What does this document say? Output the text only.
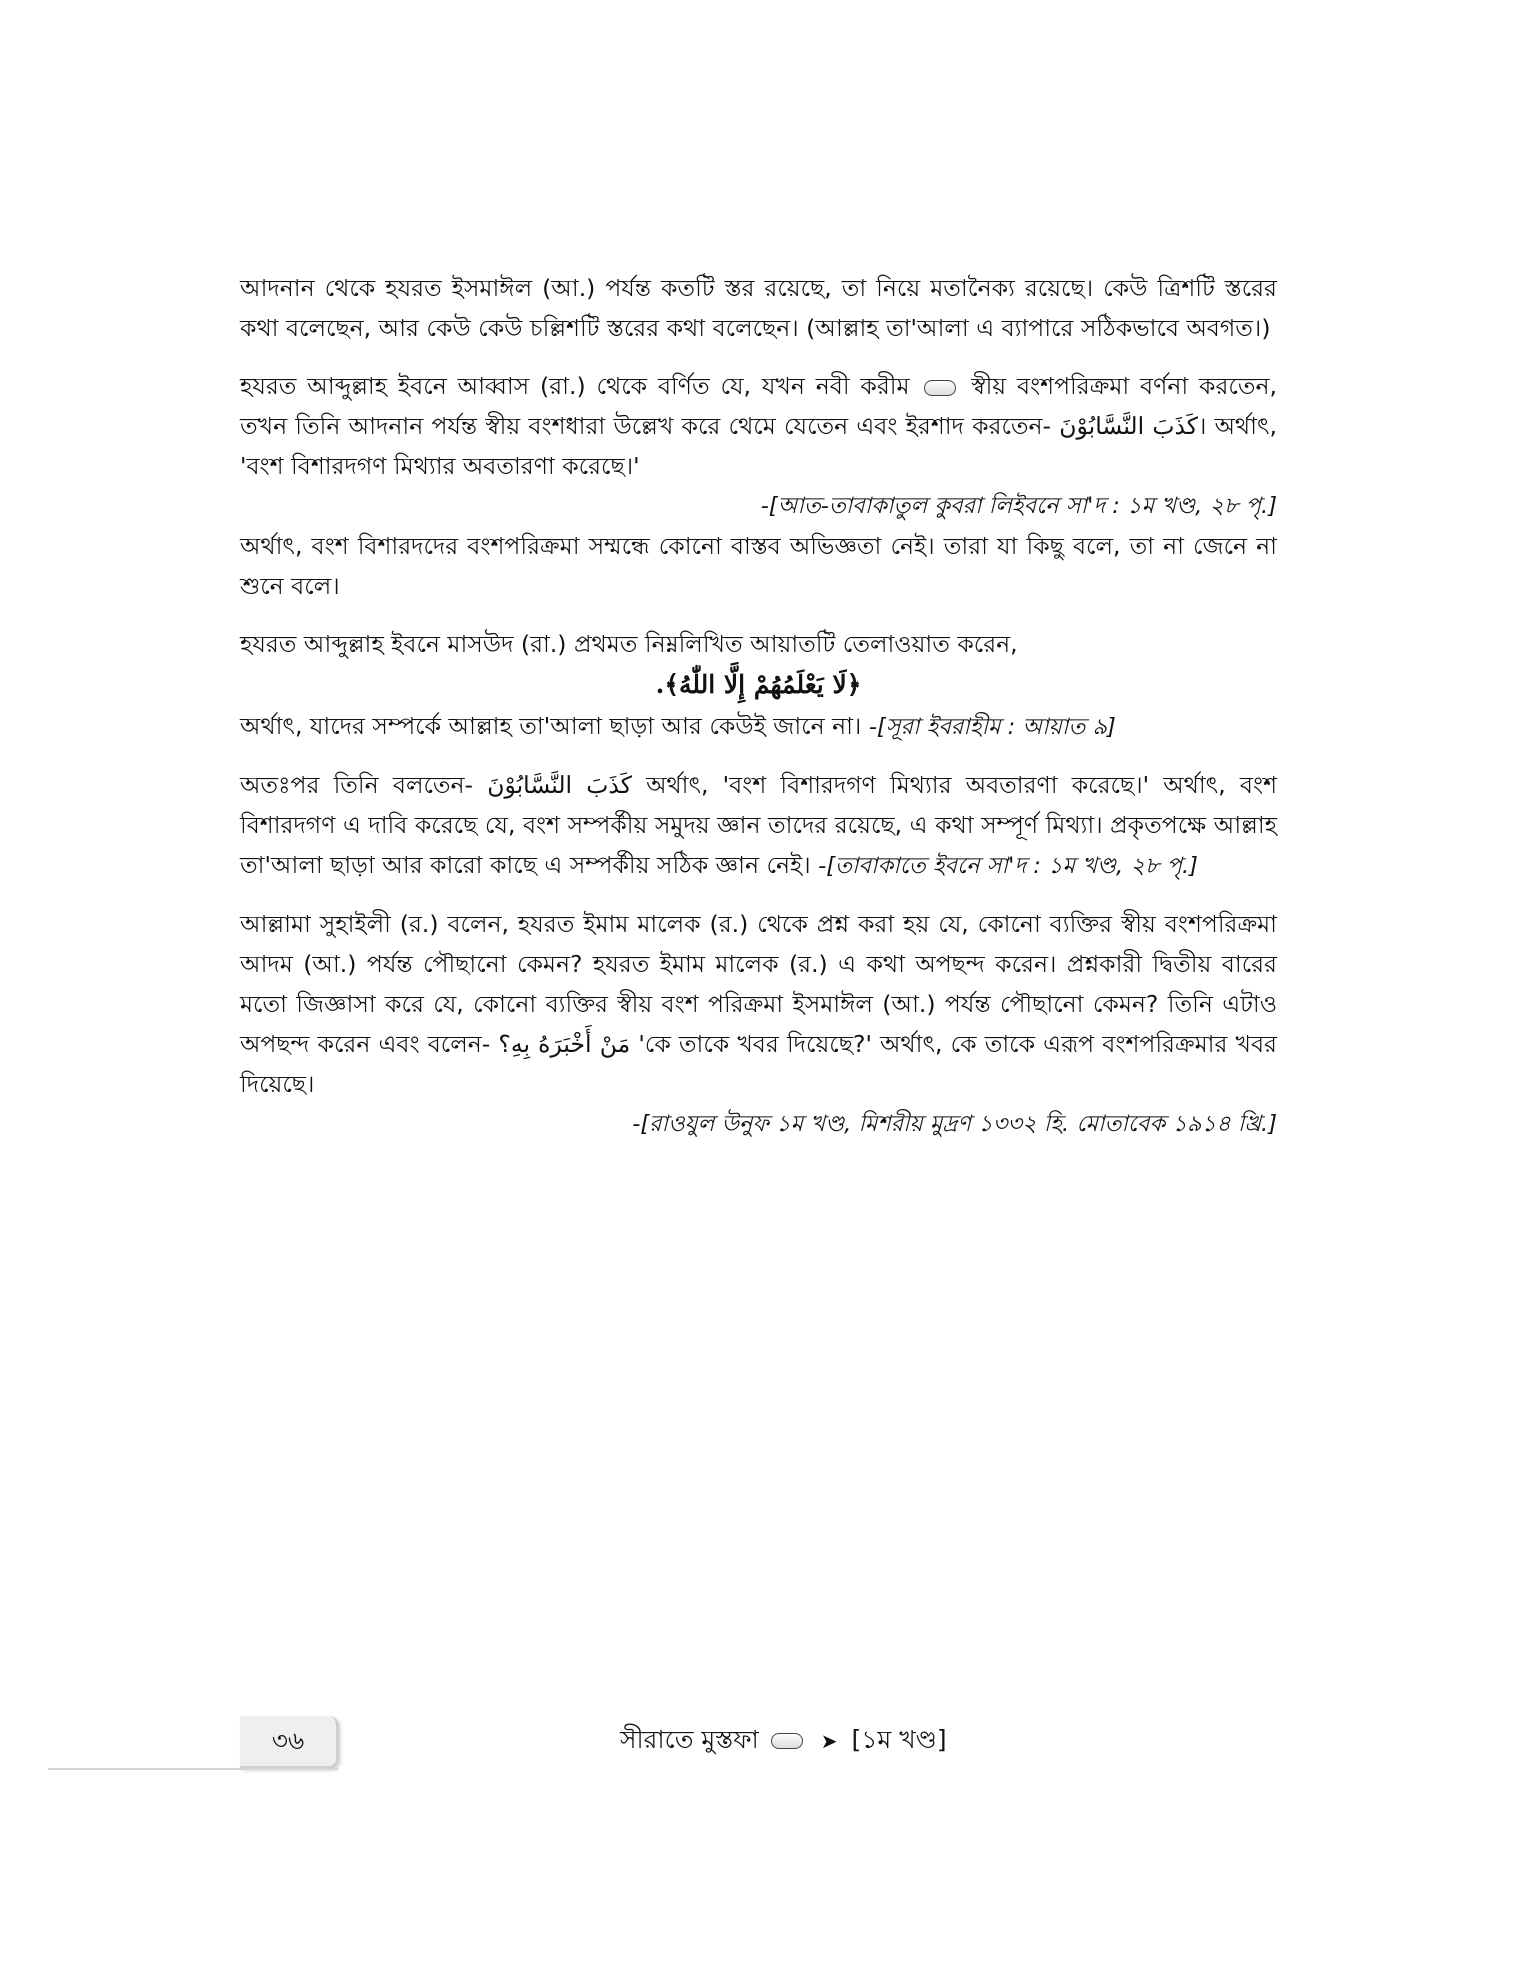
আদনান থেকে হযরত ইসমাঈল (আ.) পর্যন্ত কতটি স্তর রয়েছে, তা নিয়ে মতানৈক্য রয়েছে। কেউ ত্রিশটি স্তরের কথা বলেছেন, আর কেউ কেউ চল্লিশটি স্তরের কথা বলেছেন। (আল্লাহ তা'আলা এ ব্যাপারে সঠিকভাবে অবগত।)

হযরত আব্দুল্লাহ ইবনে আব্বাস (রা.) থেকে বর্ণিত যে, যখন নবী করীম	স্বীয় বংশপরিক্রমা বর্ণনা করতেন, তখন তিনি আদনান পর্যন্ত স্বীয় বংশধারা উল্লেখ করে থেমে যেতেন এবং ইরশাদ করতেন- كَذَبَ النَّسَّابُوْنَ। অর্থাৎ, 'বংশ বিশারদগণ মিথ্যার অবতারণা করেছে।'

-[আত-তাবাকাতুল কুবরা লিইবনে সা'দ : ১ম খণ্ড, ২৮ পৃ.]

অর্থাৎ, বংশ বিশারদদের বংশপরিক্রমা সম্মন্ধে কোনো বাস্তব অভিজ্ঞতা নেই। তারা যা কিছু বলে, তা না জেনে না শুনে বলে।

হযরত আব্দুল্লাহ ইবনে মাসউদ (রা.) প্রথমত নিম্নলিখিত আয়াতটি তেলাওয়াত করেন,

﴿لَا يَعْلَمُهُمْ إِلَّا اللّٰهُ﴾.

অর্থাৎ, যাদের সম্পর্কে আল্লাহ তা'আলা ছাড়া আর কেউই জানে না। -[সূরা ইবরাহীম : আয়াত ৯]

অতঃপর তিনি বলতেন- كَذَبَ النَّسَّابُوْنَ অর্থাৎ, 'বংশ বিশারদগণ মিথ্যার অবতারণা করেছে।' অর্থাৎ, বংশ বিশারদগণ এ দাবি করেছে যে, বংশ সম্পর্কীয় সমুদয় জ্ঞান তাদের রয়েছে, এ কথা সম্পূর্ণ মিথ্যা। প্রকৃতপক্ষে আল্লাহ তা'আলা ছাড়া আর কারো কাছে এ সম্পর্কীয় সঠিক জ্ঞান নেই। -[তাবাকাতে ইবনে সা'দ : ১ম খণ্ড, ২৮ পৃ.]

আল্লামা সুহাইলী (র.) বলেন, হযরত ইমাম মালেক (র.) থেকে প্রশ্ন করা হয় যে, কোনো ব্যক্তির স্বীয় বংশপরিক্রমা আদম (আ.) পর্যন্ত পৌছানো কেমন? হযরত ইমাম মালেক (র.) এ কথা অপছন্দ করেন। প্রশ্নকারী দ্বিতীয় বারের মতো জিজ্ঞাসা করে যে, কোনো ব্যক্তির স্বীয় বংশ পরিক্রমা ইসমাঈল (আ.) পর্যন্ত পৌছানো কেমন? তিনি এটাও অপছন্দ করেন এবং বলেন- مَنْ أَخْبَرَهُ بِهِ؟ 'কে তাকে খবর দিয়েছে?' অর্থাৎ, কে তাকে এরূপ বংশপরিক্রমার খবর দিয়েছে।

-[রাওযুল উনুফ ১ম খণ্ড, মিশরীয় মুদ্রণ ১৩৩২ হি. মোতাবেক ১৯১৪ খ্রি.]

৩৬	সীরাতে মুস্তফা	➤ [১ম খণ্ড]
